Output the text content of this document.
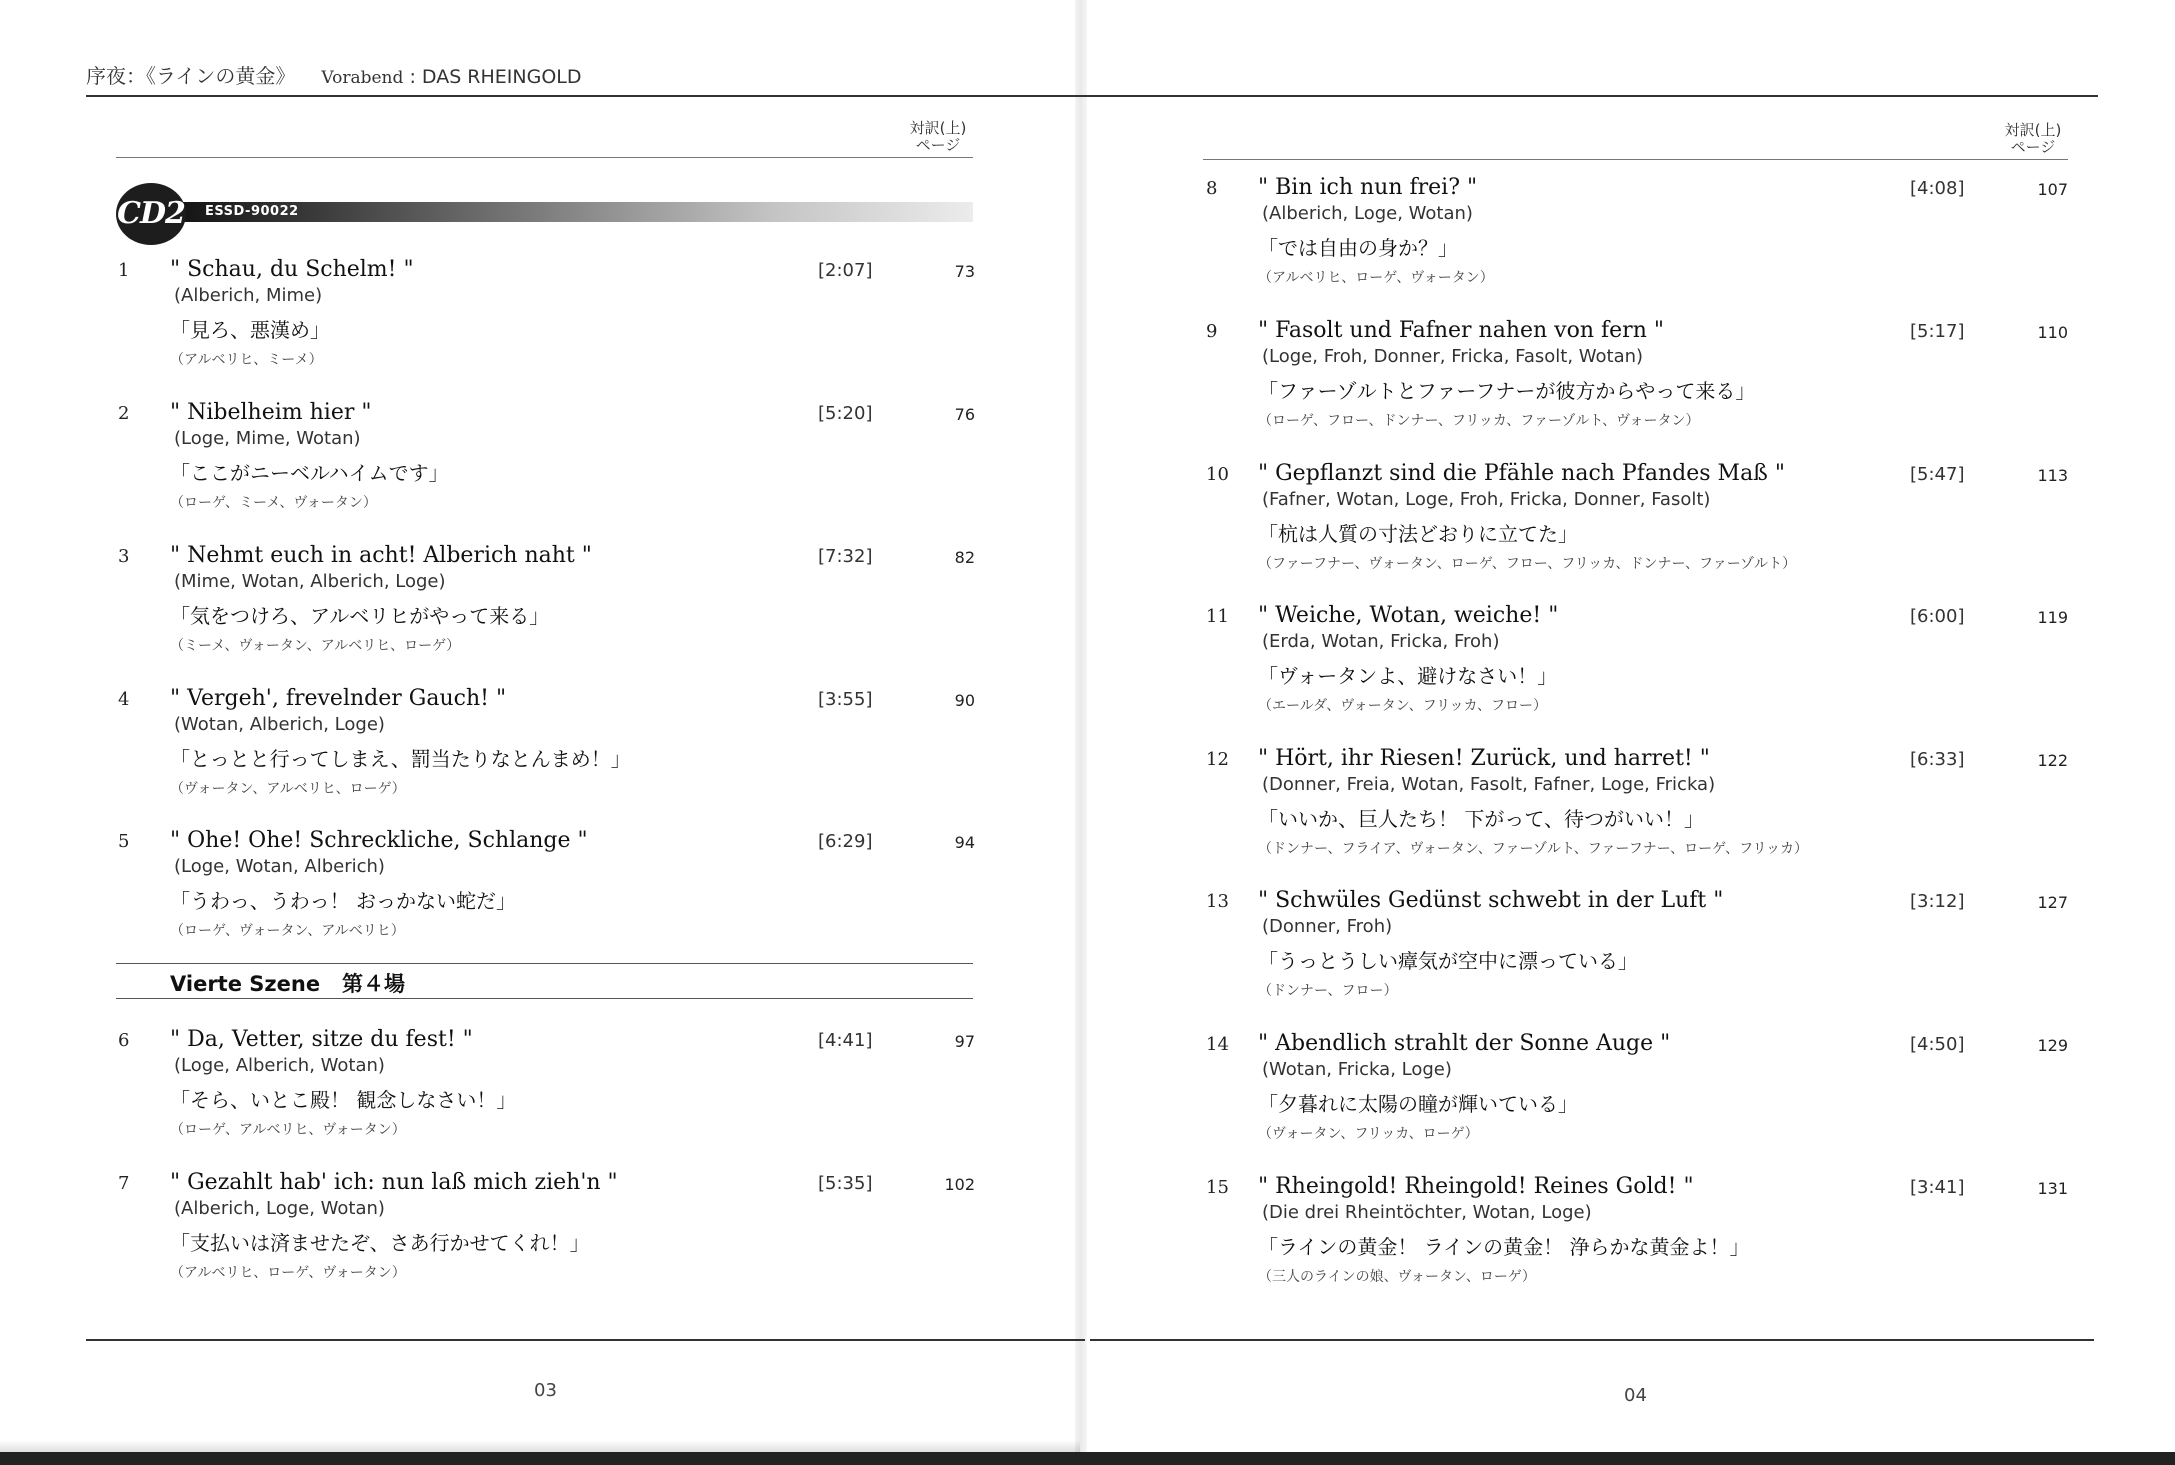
序夜：《ラインの黄金》 Vorabend : DAS RHEINGOLD
対訳(上)
ページ
対訳(上)
ページ
CD2 ESSD-90022
Vierte Szene 第４場
1 " Schau, du Schelm! "
(Alberich, Mime)
「見ろ、悪漢め」
（アルベリヒ、ミーメ）
[2:07]	73
2 " Nibelheim hier "
(Loge, Mime, Wotan)
「ここがニーベルハイムです」
（ローゲ、ミーメ、ヴォータン）
[5:20]	76
3 " Nehmt euch in acht! Alberich naht "
(Mime, Wotan, Alberich, Loge)
「気をつけろ、アルベリヒがやって来る」
（ミーメ、ヴォータン、アルベリヒ、ローゲ）
[7:32]	82
4 " Vergeh', frevelnder Gauch! "
(Wotan, Alberich, Loge)
「とっとと行ってしまえ、罰当たりなとんまめ！」
（ヴォータン、アルベリヒ、ローゲ）
[3:55]	90
5 " Ohe! Ohe! Schreckliche, Schlange "
(Loge, Wotan, Alberich)
「うわっ、うわっ！ おっかない蛇だ」
（ローゲ、ヴォータン、アルベリヒ）
[6:29]	94
6 " Da, Vetter, sitze du fest! "
(Loge, Alberich, Wotan)
「そら、いとこ殿！ 観念しなさい！」
（ローゲ、アルベリヒ、ヴォータン）
[4:41]	97
7 " Gezahlt hab' ich: nun laß mich zieh'n "
(Alberich, Loge, Wotan)
「支払いは済ませたぞ、さあ行かせてくれ！」
（アルベリヒ、ローゲ、ヴォータン）
[5:35]	102
8 " Bin ich nun frei? "
(Alberich, Loge, Wotan)
「では自由の身か？」
（アルベリヒ、ローゲ、ヴォータン）
[4:08]	107
9 " Fasolt und Fafner nahen von fern "
(Loge, Froh, Donner, Fricka, Fasolt, Wotan)
「ファーゾルトとファーフナーが彼方からやって来る」
（ローゲ、フロー、ドンナー、フリッカ、ファーゾルト、ヴォータン）
[5:17]	110
10 " Gepflanzt sind die Pfähle nach Pfandes Maß "
(Fafner, Wotan, Loge, Froh, Fricka, Donner, Fasolt)
「杭は人質の寸法どおりに立てた」
（ファーフナー、ヴォータン、ローゲ、フロー、フリッカ、ドンナー、ファーゾルト）
[5:47]	113
11 " Weiche, Wotan, weiche! "
(Erda, Wotan, Fricka, Froh)
「ヴォータンよ、避けなさい！」
（エールダ、ヴォータン、フリッカ、フロー）
[6:00]	119
12 " Hört, ihr Riesen! Zurück, und harret! "
(Donner, Freia, Wotan, Fasolt, Fafner, Loge, Fricka)
「いいか、巨人たち！ 下がって、待つがいい！」
（ドンナー、フライア、ヴォータン、ファーゾルト、ファーフナー、ローゲ、フリッカ）
[6:33]	122
13 " Schwüles Gedünst schwebt in der Luft "
(Donner, Froh)
「うっとうしい瘴気が空中に漂っている」
（ドンナー、フロー）
[3:12]	127
14 " Abendlich strahlt der Sonne Auge "
(Wotan, Fricka, Loge)
「夕暮れに太陽の瞳が輝いている」
（ヴォータン、フリッカ、ローゲ）
[4:50]	129
15 " Rheingold! Rheingold! Reines Gold! "
(Die drei Rheintöchter, Wotan, Loge)
「ラインの黄金！ ラインの黄金！ 浄らかな黄金よ！」
（三人のラインの娘、ヴォータン、ローゲ）
[3:41]	131
03	04
